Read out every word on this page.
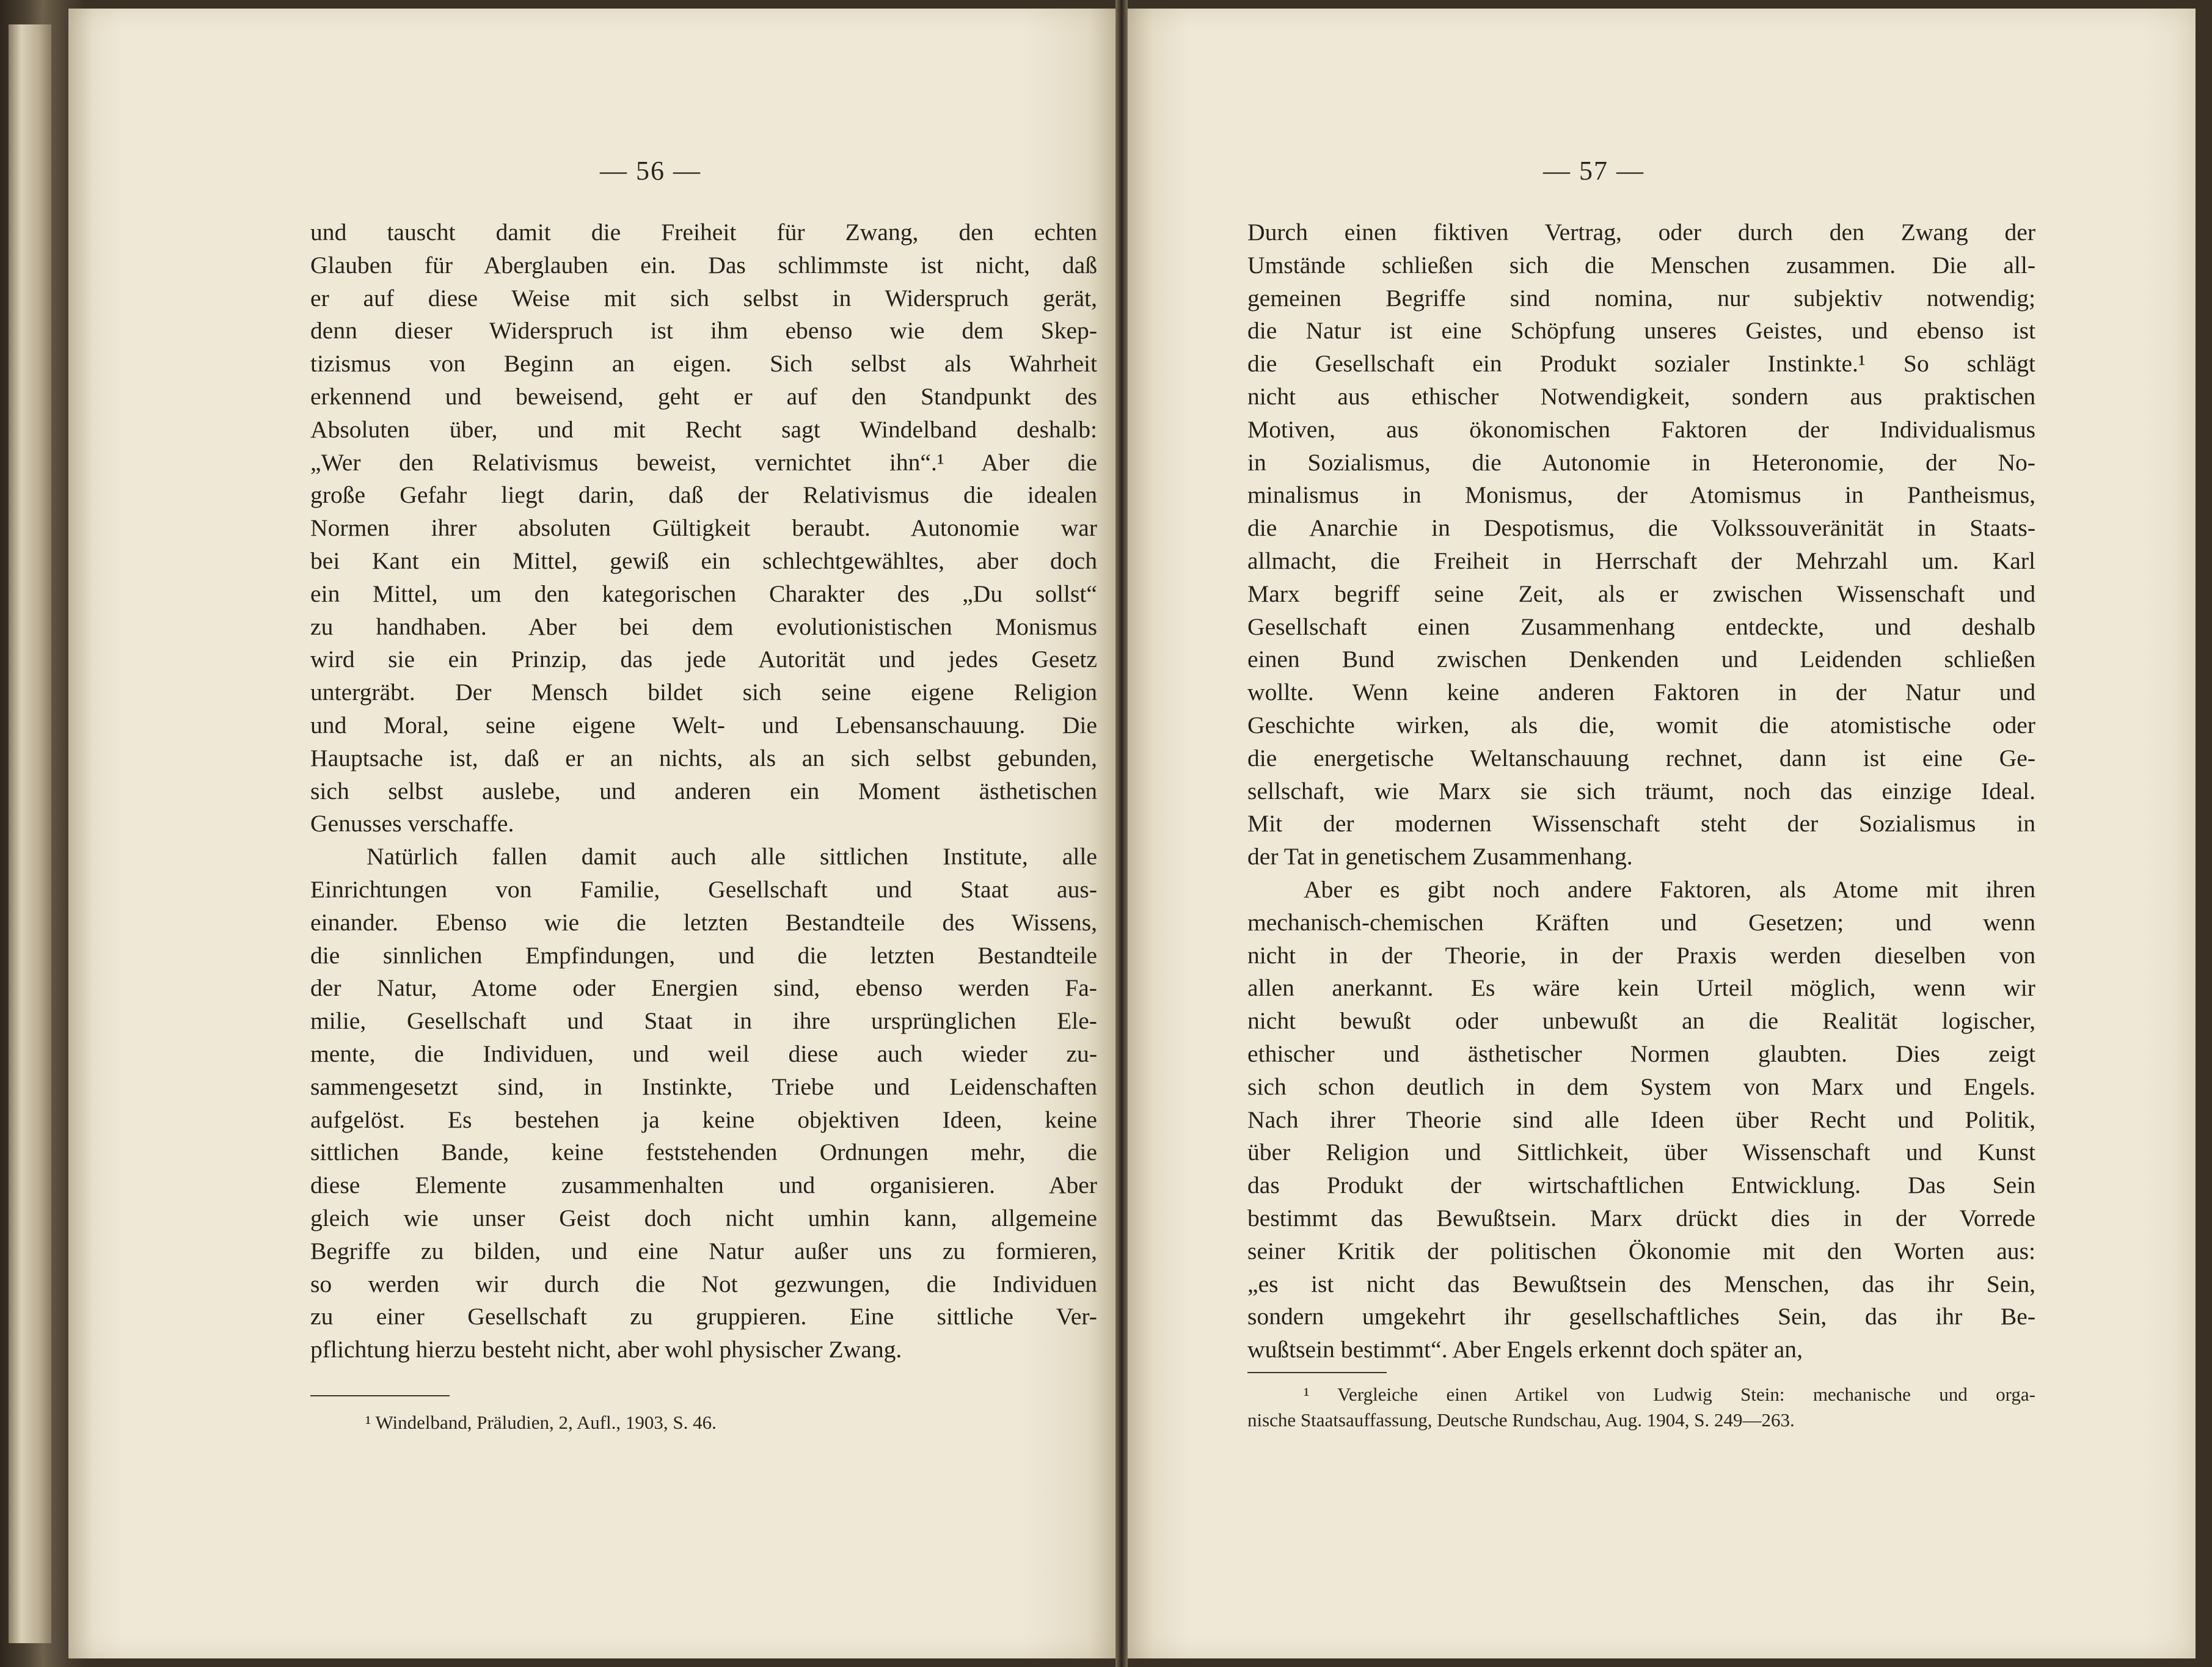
— 56 —
und tauscht damit die Freiheit für Zwang, den echten
Glauben für Aberglauben ein. Das schlimmste ist nicht, daß
er auf diese Weise mit sich selbst in Widerspruch gerät,
denn dieser Widerspruch ist ihm ebenso wie dem Skep-
tizismus von Beginn an eigen. Sich selbst als Wahrheit
erkennend und beweisend, geht er auf den Standpunkt des
Absoluten über, und mit Recht sagt Windelband deshalb:
„Wer den Relativismus beweist, vernichtet ihn“.¹ Aber die
große Gefahr liegt darin, daß der Relativismus die idealen
Normen ihrer absoluten Gültigkeit beraubt. Autonomie war
bei Kant ein Mittel, gewiß ein schlechtgewähltes, aber doch
ein Mittel, um den kategorischen Charakter des „Du sollst“
zu handhaben. Aber bei dem evolutionistischen Monismus
wird sie ein Prinzip, das jede Autorität und jedes Gesetz
untergräbt. Der Mensch bildet sich seine eigene Religion
und Moral, seine eigene Welt- und Lebensanschauung. Die
Hauptsache ist, daß er an nichts, als an sich selbst gebunden,
sich selbst auslebe, und anderen ein Moment ästhetischen
Genusses verschaffe.
Natürlich fallen damit auch alle sittlichen Institute, alle
Einrichtungen von Familie, Gesellschaft und Staat aus-
einander. Ebenso wie die letzten Bestandteile des Wissens,
die sinnlichen Empfindungen, und die letzten Bestandteile
der Natur, Atome oder Energien sind, ebenso werden Fa-
milie, Gesellschaft und Staat in ihre ursprünglichen Ele-
mente, die Individuen, und weil diese auch wieder zu-
sammengesetzt sind, in Instinkte, Triebe und Leidenschaften
aufgelöst. Es bestehen ja keine objektiven Ideen, keine
sittlichen Bande, keine feststehenden Ordnungen mehr, die
diese Elemente zusammenhalten und organisieren. Aber
gleich wie unser Geist doch nicht umhin kann, allgemeine
Begriffe zu bilden, und eine Natur außer uns zu formieren,
so werden wir durch die Not gezwungen, die Individuen
zu einer Gesellschaft zu gruppieren. Eine sittliche Ver-
pflichtung hierzu besteht nicht, aber wohl physischer Zwang.
¹ Windelband, Präludien, 2, Aufl., 1903, S. 46.
— 57 —
Durch einen fiktiven Vertrag, oder durch den Zwang der
Umstände schließen sich die Menschen zusammen. Die all-
gemeinen Begriffe sind nomina, nur subjektiv notwendig;
die Natur ist eine Schöpfung unseres Geistes, und ebenso ist
die Gesellschaft ein Produkt sozialer Instinkte.¹ So schlägt
nicht aus ethischer Notwendigkeit, sondern aus praktischen
Motiven, aus ökonomischen Faktoren der Individualismus
in Sozialismus, die Autonomie in Heteronomie, der No-
minalismus in Monismus, der Atomismus in Pantheismus,
die Anarchie in Despotismus, die Volkssouveränität in Staats-
allmacht, die Freiheit in Herrschaft der Mehrzahl um. Karl
Marx begriff seine Zeit, als er zwischen Wissenschaft und
Gesellschaft einen Zusammenhang entdeckte, und deshalb
einen Bund zwischen Denkenden und Leidenden schließen
wollte. Wenn keine anderen Faktoren in der Natur und
Geschichte wirken, als die, womit die atomistische oder
die energetische Weltanschauung rechnet, dann ist eine Ge-
sellschaft, wie Marx sie sich träumt, noch das einzige Ideal.
Mit der modernen Wissenschaft steht der Sozialismus in
der Tat in genetischem Zusammenhang.
Aber es gibt noch andere Faktoren, als Atome mit ihren
mechanisch-chemischen Kräften und Gesetzen; und wenn
nicht in der Theorie, in der Praxis werden dieselben von
allen anerkannt. Es wäre kein Urteil möglich, wenn wir
nicht bewußt oder unbewußt an die Realität logischer,
ethischer und ästhetischer Normen glaubten. Dies zeigt
sich schon deutlich in dem System von Marx und Engels.
Nach ihrer Theorie sind alle Ideen über Recht und Politik,
über Religion und Sittlichkeit, über Wissenschaft und Kunst
das Produkt der wirtschaftlichen Entwicklung. Das Sein
bestimmt das Bewußtsein. Marx drückt dies in der Vorrede
seiner Kritik der politischen Ökonomie mit den Worten aus:
„es ist nicht das Bewußtsein des Menschen, das ihr Sein,
sondern umgekehrt ihr gesellschaftliches Sein, das ihr Be-
wußtsein bestimmt“. Aber Engels erkennt doch später an,
¹ Vergleiche einen Artikel von Ludwig Stein: mechanische und orga-
nische Staatsauffassung, Deutsche Rundschau, Aug. 1904, S. 249—263.
